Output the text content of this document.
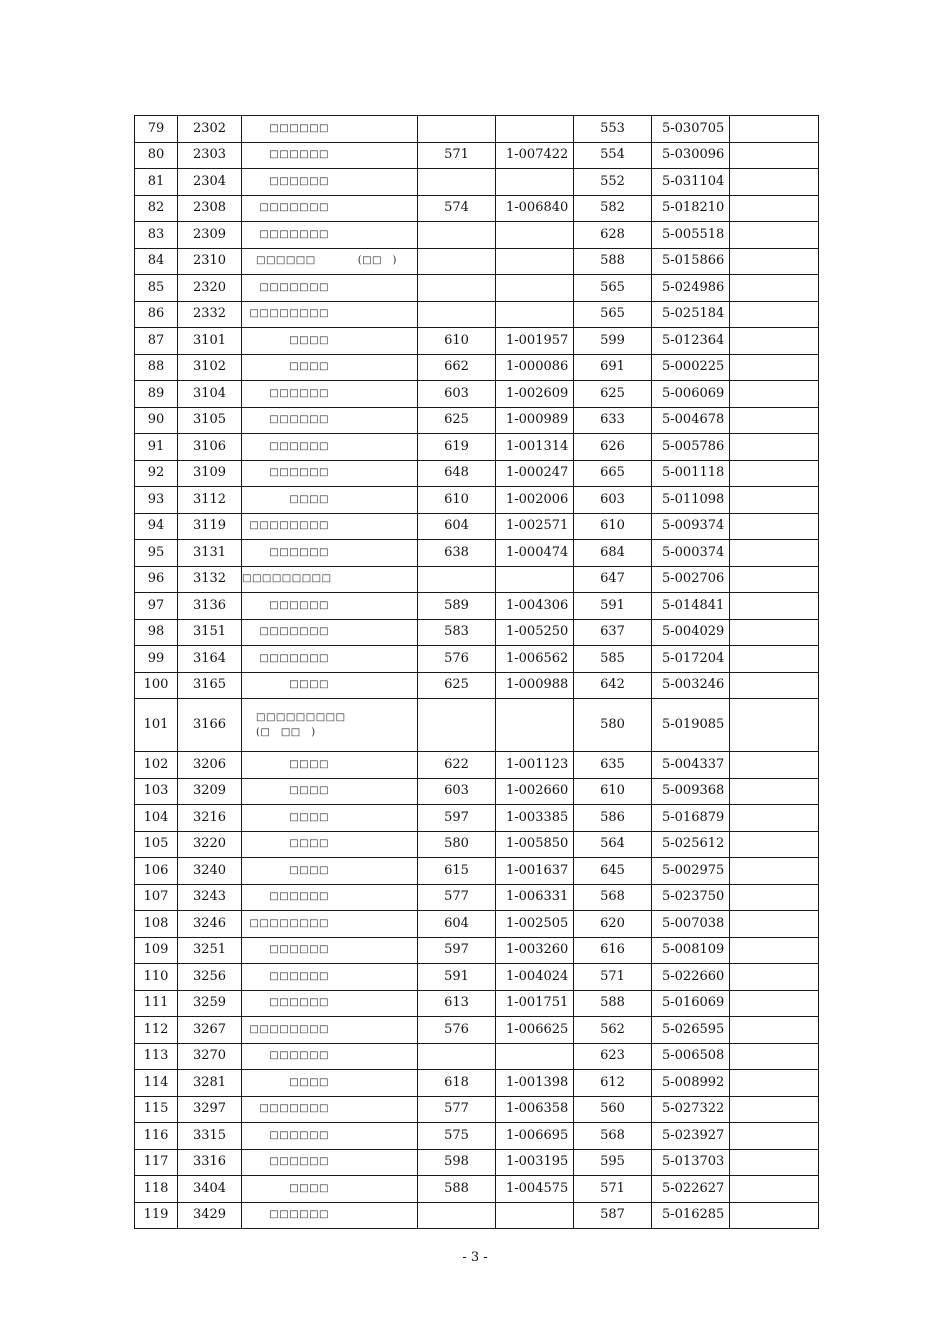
79	2302	□□□□□□			553	5-030705	
80	2303	□□□□□□	571	1-007422	554	5-030096	
81	2304	□□□□□□			552	5-031104	
82	2308	□□□□□□□	574	1-006840	582	5-018210	
83	2309	□□□□□□□			628	5-005518	
84	2310	□□□□□□　　　　(□□　)			588	5-015866	
85	2320	□□□□□□□			565	5-024986	
86	2332	□□□□□□□□			565	5-025184	
87	3101	□□□□	610	1-001957	599	5-012364	
88	3102	□□□□	662	1-000086	691	5-000225	
89	3104	□□□□□□	603	1-002609	625	5-006069	
90	3105	□□□□□□	625	1-000989	633	5-004678	
91	3106	□□□□□□	619	1-001314	626	5-005786	
92	3109	□□□□□□	648	1-000247	665	5-001118	
93	3112	□□□□	610	1-002006	603	5-011098	
94	3119	□□□□□□□□	604	1-002571	610	5-009374	
95	3131	□□□□□□	638	1-000474	684	5-000374	
96	3132	□□□□□□□□□			647	5-002706	
97	3136	□□□□□□	589	1-004306	591	5-014841	
98	3151	□□□□□□□	583	1-005250	637	5-004029	
99	3164	□□□□□□□	576	1-006562	585	5-017204	
100	3165	□□□□	625	1-000988	642	5-003246	
101	3166	□□□□□□□□□　　　　　　(□　□□　)			580	5-019085	
102	3206	□□□□	622	1-001123	635	5-004337	
103	3209	□□□□	603	1-002660	610	5-009368	
104	3216	□□□□	597	1-003385	586	5-016879	
105	3220	□□□□	580	1-005850	564	5-025612	
106	3240	□□□□	615	1-001637	645	5-002975	
107	3243	□□□□□□	577	1-006331	568	5-023750	
108	3246	□□□□□□□□	604	1-002505	620	5-007038	
109	3251	□□□□□□	597	1-003260	616	5-008109	
110	3256	□□□□□□	591	1-004024	571	5-022660	
111	3259	□□□□□□	613	1-001751	588	5-016069	
112	3267	□□□□□□□□	576	1-006625	562	5-026595	
113	3270	□□□□□□			623	5-006508	
114	3281	□□□□	618	1-001398	612	5-008992	
115	3297	□□□□□□□	577	1-006358	560	5-027322	
116	3315	□□□□□□	575	1-006695	568	5-023927	
117	3316	□□□□□□	598	1-003195	595	5-013703	
118	3404	□□□□	588	1-004575	571	5-022627	
119	3429	□□□□□□			587	5-016285	
- 3 -
